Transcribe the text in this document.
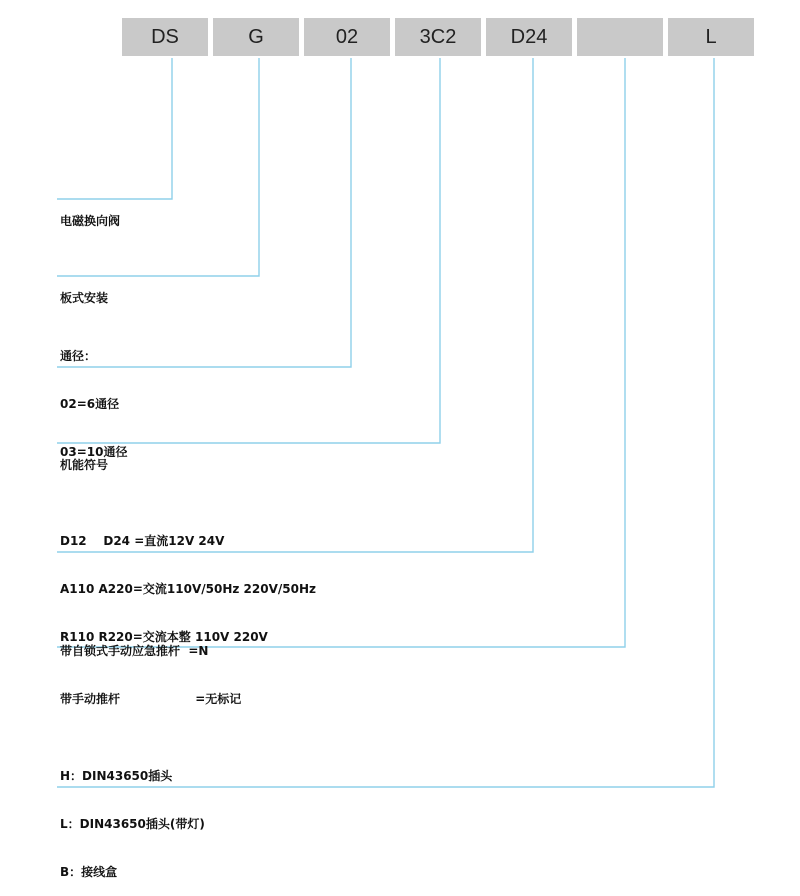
DS	G	02	3C2	D24	L

电磁换向阀

板式安装

通径：

02=6通径

03=10通径

机能符号

D12    D24 =直流12V 24V

A110 A220=交流110V/50Hz 220V/50Hz

R110 R220=交流本整 110V 220V

带自锁式手动应急推杆  =N

带手动推杆                  =无标记

H：DIN43650插头

L：DIN43650插头(带灯)

B：接线盒
